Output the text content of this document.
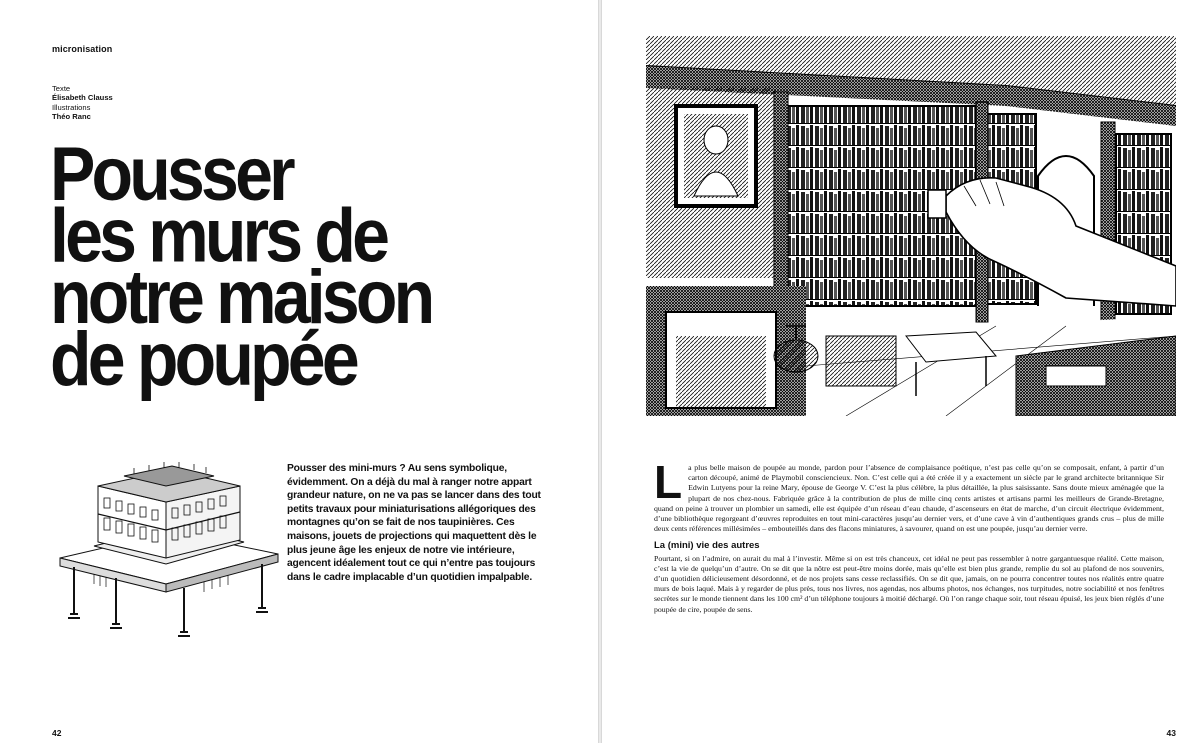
micronisation
Texte
Élisabeth Clauss
Illustrations
Théo Ranc
Pousser
les murs de
notre maison
de poupée

Pousser des mini-murs ? Au sens symbolique, évidemment. On a déjà du mal à ranger notre appart grandeur nature, on ne va pas se lancer dans des tout petits travaux pour miniaturisations allégoriques des montagnes qu’on se fait de nos taupinières. Ces maisons, jouets de projections qui maquettent dès le plus jeune âge les enjeux de notre vie intérieure, agencent idéalement tout ce qui n’entre pas toujours dans le cadre implacable d’un quotidien impalpable.

42

La plus belle maison de poupée au monde, pardon pour l’absence de complaisance poétique, n’est pas celle qu’on se composait, enfant, à partir d’un carton découpé, animé de Playmobil consciencieux. Non. C’est celle qui a été créée il y a exactement un siècle par le grand architecte britannique Sir Edwin Lutyens pour la reine Mary, épouse de George V. C’est la plus célèbre, la plus détaillée, la plus saisissante. Sans doute mieux aménagée que la plupart de nos chez-nous. Fabriquée grâce à la contribution de plus de mille cinq cents artistes et artisans parmi les meilleurs de Grande-Bretagne, quand on peine à trouver un plombier un samedi, elle est équipée d’un réseau d’eau chaude, d’ascenseurs en état de marche, d’un circuit électrique évidemment, d’une bibliothèque regorgeant d’œuvres reproduites en tout mini-caractères jusqu’au dernier vers, et d’une cave à vin d’authentiques grands crus – plus de mille deux cents références millésimées – embouteillés dans des flacons miniatures, à savourer, quand on est une poupée, jusqu’au dernier verre.

La (mini) vie des autres

Pourtant, si on l’admire, on aurait du mal à l’investir. Même si on est très chanceux, cet idéal ne peut pas ressembler à notre gargantuesque réalité. Cette maison, c’est la vie de quelqu’un d’autre. On se dit que la nôtre est peut-être moins dorée, mais qu’elle est bien plus grande, remplie du sol au plafond de nos souvenirs, d’un quotidien délicieusement désordonné, et de nos projets sans cesse reclassifiés. On se dit que, jamais, on ne pourra concentrer toutes nos réalités entre quatre murs de bois laqué. Mais à y regarder de plus près, tous nos livres, nos agendas, nos albums photos, nos échanges, nos turpitudes, notre sociabilité et nos fenêtres secrètes sur le monde tiennent dans les 100 cm² d’un téléphone toujours à moitié déchargé. Où l’on range chaque soir, tout réseau épuisé, les jeux bien réglés d’une poupée de cire, poupée de sens.

43
